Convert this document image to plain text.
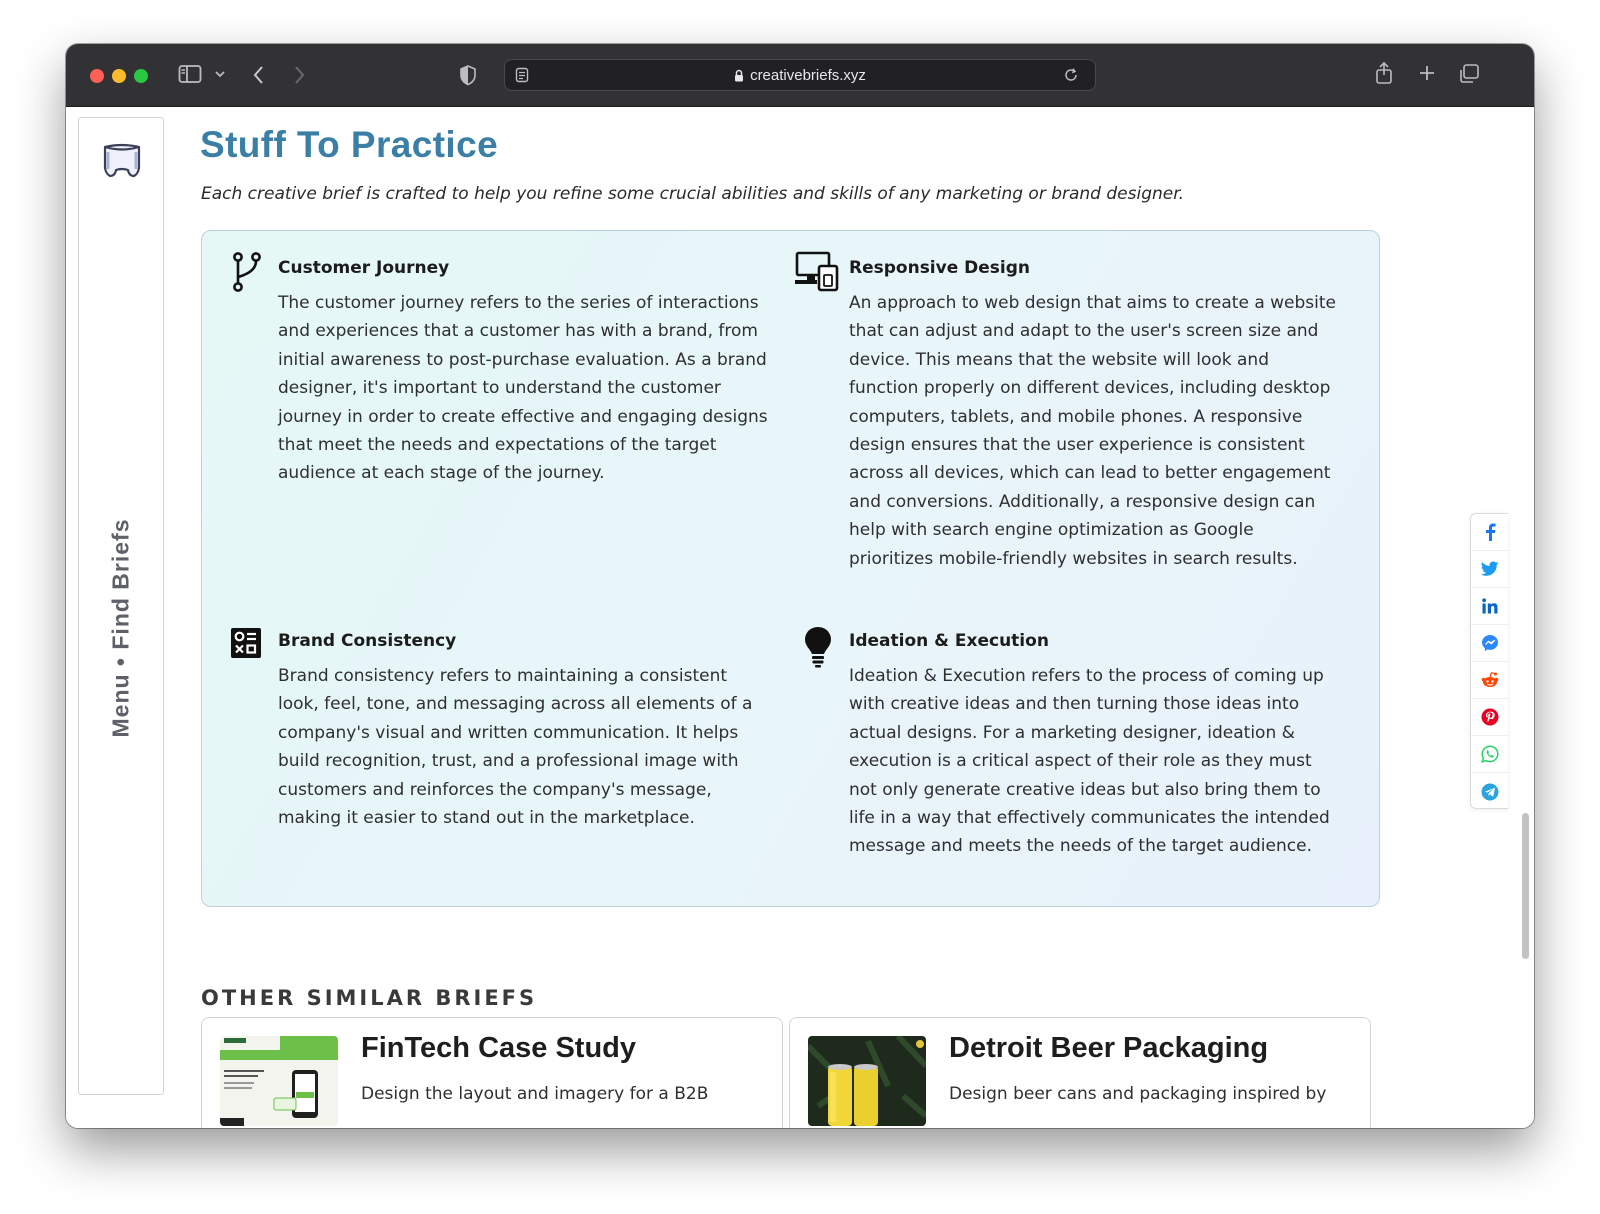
creativebriefs.xyz
Menu • Find Briefs
Stuff To Practice

Each creative brief is crafted to help you refine some crucial abilities and skills of any marketing or brand designer.

Customer Journey
The customer journey refers to the series of interactions and experiences that a customer has with a brand, from initial awareness to post-purchase evaluation. As a brand designer, it's important to understand the customer journey in order to create effective and engaging designs that meet the needs and expectations of the target audience at each stage of the journey.
Responsive Design
An approach to web design that aims to create a website that can adjust and adapt to the user's screen size and device. This means that the website will look and function properly on different devices, including desktop computers, tablets, and mobile phones. A responsive design ensures that the user experience is consistent across all devices, which can lead to better engagement and conversions. Additionally, a responsive design can help with search engine optimization as Google prioritizes mobile-friendly websites in search results.
Brand Consistency
Brand consistency refers to maintaining a consistent look, feel, tone, and messaging across all elements of a company's visual and written communication. It helps build recognition, trust, and a professional image with customers and reinforces the company's message, making it easier to stand out in the marketplace.
Ideation & Execution
Ideation & Execution refers to the process of coming up with creative ideas and then turning those ideas into actual designs. For a marketing designer, ideation & execution is a critical aspect of their role as they must not only generate creative ideas but also bring them to life in a way that effectively communicates the intended message and meets the needs of the target audience.
OTHER SIMILAR BRIEFS
FinTech Case Study
Design the layout and imagery for a B2B
Detroit Beer Packaging
Design beer cans and packaging inspired by
